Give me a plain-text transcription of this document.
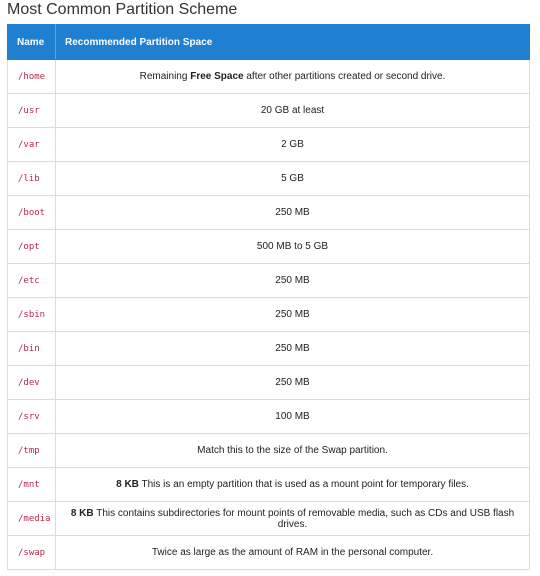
Most Common Partition Scheme
Name	Recommended Partition Space
/home	Remaining Free Space after other partitions created or second drive.
/usr	20 GB at least
/var	2 GB
/lib	5 GB
/boot	250 MB
/opt	500 MB to 5 GB
/etc	250 MB
/sbin	250 MB
/bin	250 MB
/dev	250 MB
/srv	100 MB
/tmp	Match this to the size of the Swap partition.
/mnt	8 KB This is an empty partition that is used as a mount point for temporary files.
/media	8 KB This contains subdirectories for mount points of removable media, such as CDs and USB flash drives.
/swap	Twice as large as the amount of RAM in the personal computer.
